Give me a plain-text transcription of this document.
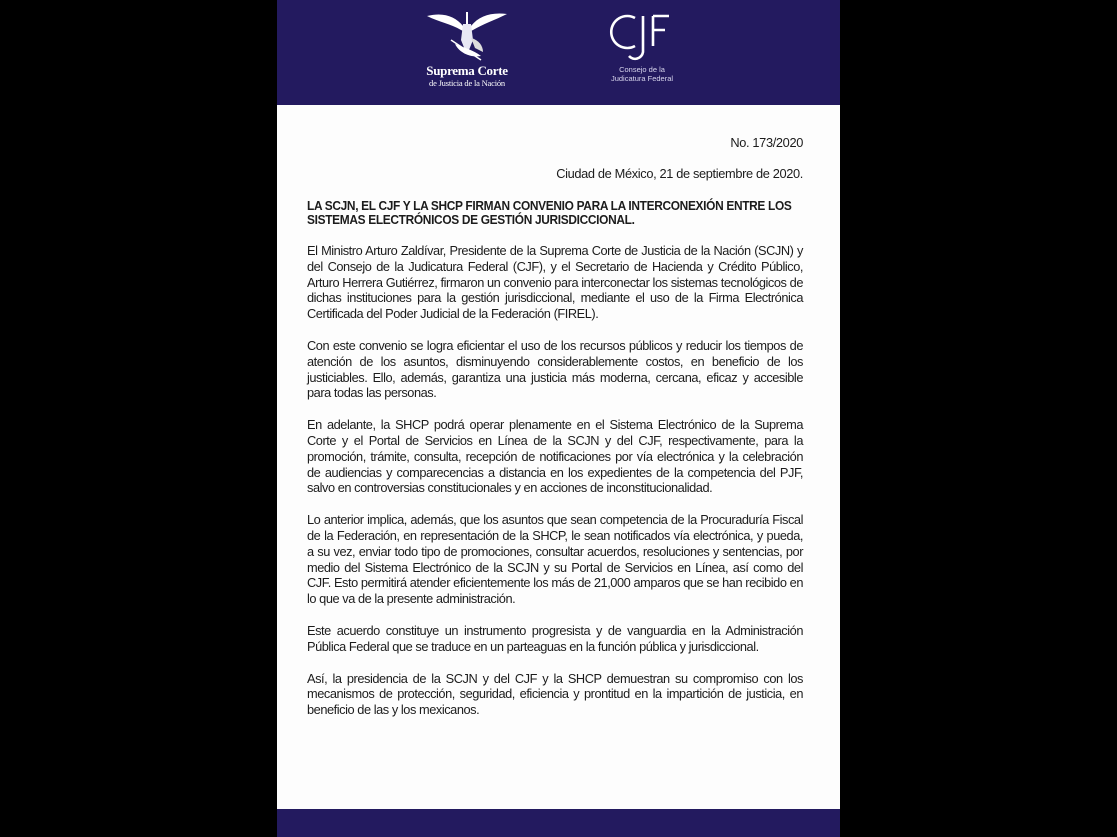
Suprema Corte
de Justicia de la Nación
Consejo de la
Judicatura Federal
No. 173/2020
Ciudad de México, 21 de septiembre de 2020.
LA SCJN, EL CJF Y LA SHCP FIRMAN CONVENIO PARA LA INTERCONEXIÓN ENTRE LOS SISTEMAS ELECTRÓNICOS DE GESTIÓN JURISDICCIONAL.

El Ministro Arturo Zaldívar, Presidente de la Suprema Corte de Justicia de la Nación (SCJN) y del Consejo de la Judicatura Federal (CJF), y el Secretario de Hacienda y Crédito Público, Arturo Herrera Gutiérrez, firmaron un convenio para interconectar los sistemas tecnológicos de dichas instituciones para la gestión jurisdiccional, mediante el uso de la Firma Electrónica Certificada del Poder Judicial de la Federación (FIREL).

Con este convenio se logra eficientar el uso de los recursos públicos y reducir los tiempos de atención de los asuntos, disminuyendo considerablemente costos, en beneficio de los justiciables. Ello, además, garantiza una justicia más moderna, cercana, eficaz y accesible para todas las personas.

En adelante, la SHCP podrá operar plenamente en el Sistema Electrónico de la Suprema Corte y el Portal de Servicios en Línea de la SCJN y del CJF, respectivamente, para la promoción, trámite, consulta, recepción de notificaciones por vía electrónica y la celebración de audiencias y comparecencias a distancia en los expedientes de la competencia del PJF, salvo en controversias constitucionales y en acciones de inconstitucionalidad.

Lo anterior implica, además, que los asuntos que sean competencia de la Procuraduría Fiscal de la Federación, en representación de la SHCP, le sean notificados vía electrónica, y pueda, a su vez, enviar todo tipo de promociones, consultar acuerdos, resoluciones y sentencias, por medio del Sistema Electrónico de la SCJN y su Portal de Servicios en Línea, así como del CJF. Esto permitirá atender eficientemente los más de 21,000 amparos que se han recibido en lo que va de la presente administración.

Este acuerdo constituye un instrumento progresista y de vanguardia en la Administración Pública Federal que se traduce en un parteaguas en la función pública y jurisdiccional.

Así, la presidencia de la SCJN y del CJF y la SHCP demuestran su compromiso con los mecanismos de protección, seguridad, eficiencia y prontitud en la impartición de justicia, en beneficio de las y los mexicanos.
